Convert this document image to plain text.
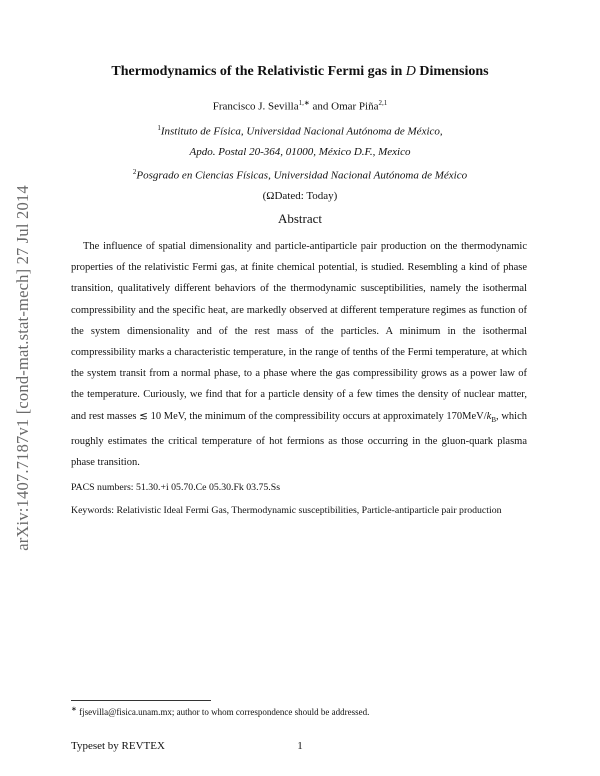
arXiv:1407.7187v1 [cond-mat.stat-mech] 27 Jul 2014
Thermodynamics of the Relativistic Fermi gas in D Dimensions
Francisco J. Sevilla$^{1,∗}$ and Omar Piña$^{2,1}$
$^1$Instituto de Física, Universidad Nacional Autónoma de México,
Apdo. Postal 20-364, 01000, México D.F., Mexico
$^2$Posgrado en Ciencias Físicas, Universidad Nacional Autónoma de México
(ΩDated: Today)
Abstract
The influence of spatial dimensionality and particle-antiparticle pair production on the thermodynamic properties of the relativistic Fermi gas, at finite chemical potential, is studied. Resembling a kind of phase transition, qualitatively different behaviors of the thermodynamic susceptibilities, namely the isothermal compressibility and the specific heat, are markedly observed at different temperature regimes as function of the system dimensionality and of the rest mass of the particles. A minimum in the isothermal compressibility marks a characteristic temperature, in the range of tenths of the Fermi temperature, at which the system transit from a normal phase, to a phase where the gas compressibility grows as a power law of the temperature. Curiously, we find that for a particle density of a few times the density of nuclear matter, and rest masses ≲ 10 MeV, the minimum of the compressibility occurs at approximately $170MeV/k_B$, which roughly estimates the critical temperature of hot fermions as those occurring in the gluon-quark plasma phase transition.
PACS numbers: 51.30.+i 05.70.Ce 05.30.Fk 03.75.Ss
Keywords: Relativistic Ideal Fermi Gas, Thermodynamic susceptibilities, Particle-antiparticle pair production
∗ fjsevilla@fisica.unam.mx; author to whom correspondence should be addressed.
Typeset by REVTEX	1
